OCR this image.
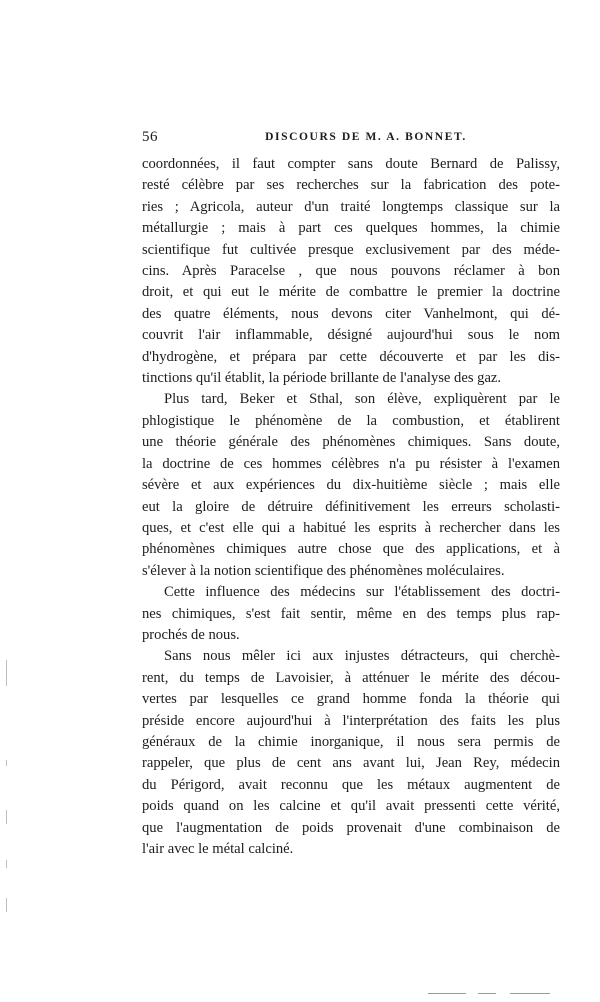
56	DISCOURS DE M. A. BONNET.

coordonnées, il faut compter sans doute Bernard de Palissy,
resté célèbre par ses recherches sur la fabrication des pote-
ries ; Agricola, auteur d'un traité longtemps classique sur la
métallurgie ; mais à part ces quelques hommes, la chimie
scientifique fut cultivée presque exclusivement par des méde-
cins. Après Paracelse , que nous pouvons réclamer à bon
droit, et qui eut le mérite de combattre le premier la doctrine
des quatre éléments, nous devons citer Vanhelmont, qui dé-
couvrit l'air inflammable, désigné aujourd'hui sous le nom
d'hydrogène, et prépara par cette découverte et par les dis-
tinctions qu'il établit, la période brillante de l'analyse des gaz.

Plus tard, Beker et Sthal, son élève, expliquèrent par le
phlogistique le phénomène de la combustion, et établirent
une théorie générale des phénomènes chimiques. Sans doute,
la doctrine de ces hommes célèbres n'a pu résister à l'examen
sévère et aux expériences du dix-huitième siècle ; mais elle
eut la gloire de détruire définitivement les erreurs scholasti-
ques, et c'est elle qui a habitué les esprits à rechercher dans les
phénomènes chimiques autre chose que des applications, et à
s'élever à la notion scientifique des phénomènes moléculaires.

Cette influence des médecins sur l'établissement des doctri-
nes chimiques, s'est fait sentir, même en des temps plus rap-
prochés de nous.

Sans nous mêler ici aux injustes détracteurs, qui cherchè-
rent, du temps de Lavoisier, à atténuer le mérite des décou-
vertes par lesquelles ce grand homme fonda la théorie qui
préside encore aujourd'hui à l'interprétation des faits les plus
généraux de la chimie inorganique, il nous sera permis de
rappeler, que plus de cent ans avant lui, Jean Rey, médecin
du Périgord, avait reconnu que les métaux augmentent de
poids quand on les calcine et qu'il avait pressenti cette vérité,
que l'augmentation de poids provenait d'une combinaison de
l'air avec le métal calciné.
